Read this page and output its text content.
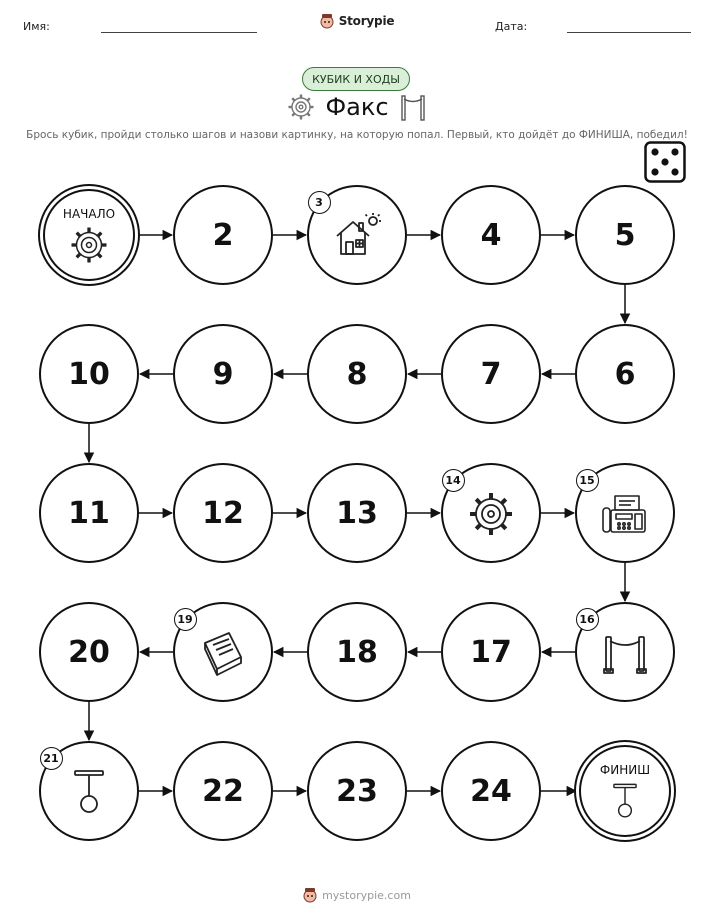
Имя:	Дата:
Storypie
КУБИК И ХОДЫ
Факс
Брось кубик, пройди столько шагов и назови картинку, на которую попал. Первый, кто дойдёт до ФИНИША, победил!
ФИНИШ
24
23
22
20	18	17
13
12
11
10	9	8	7	6
5
4
2
НАЧАЛО
3
14	15
16
19
21
mystorypie.com
